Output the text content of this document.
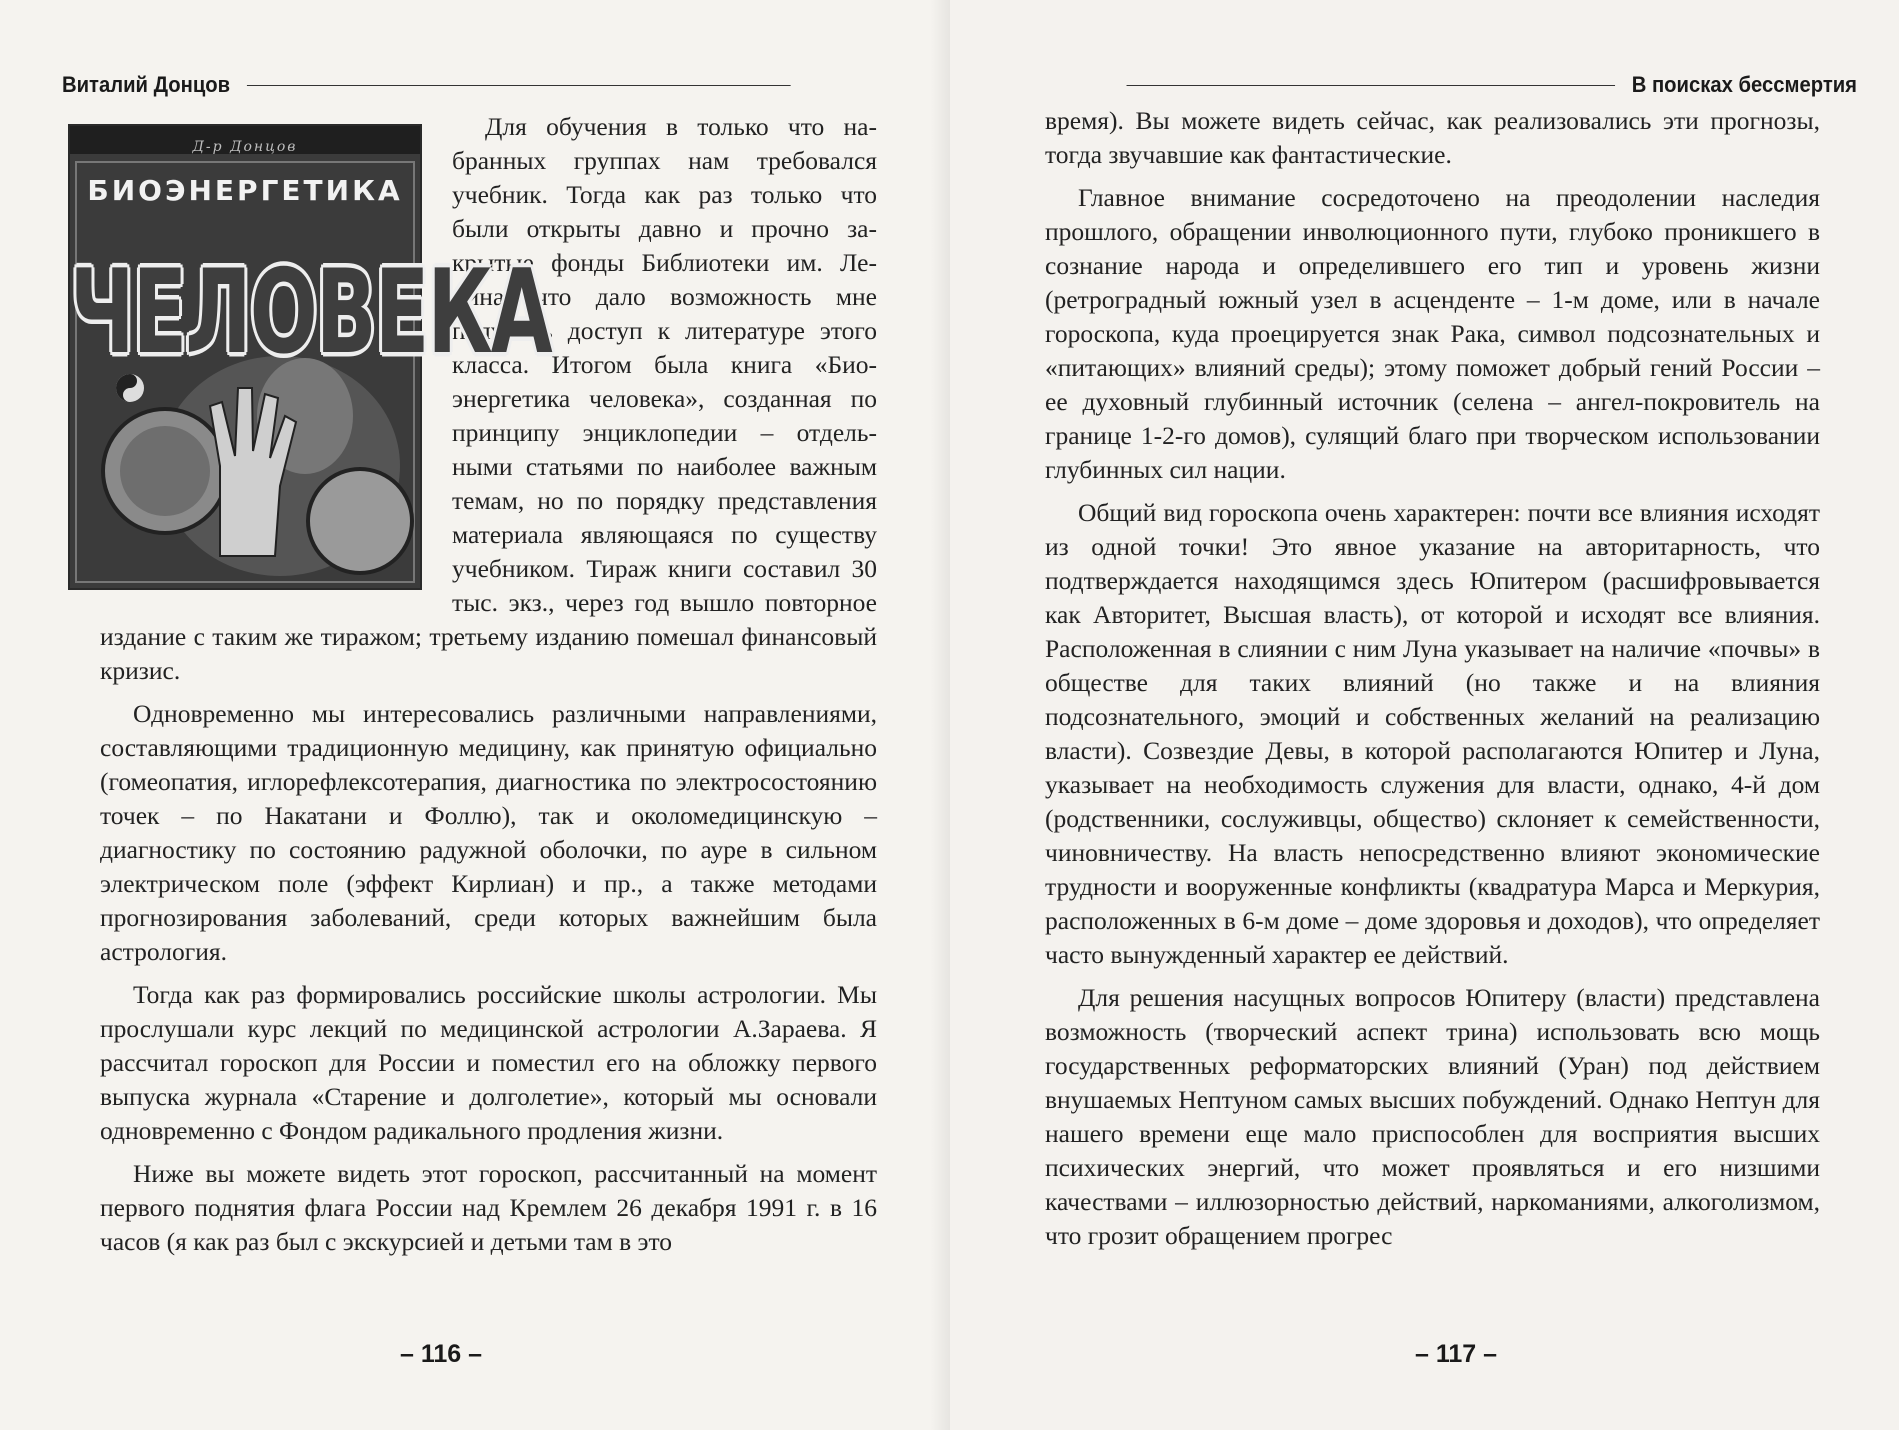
Виталий Донцов
Д-р Донцов
БИОЭНЕРГЕТИКА
ЧЕЛОВЕКА

Для обучения в только что набранных группах нам требовался учебник. Тогда как раз только что были открыты давно и прочно закрытые фонды Библиотеки им. Ленина, что дало возможность мне получить доступ к литературе этого класса. Итогом была книга «Биоэнергетика человека», созданная по принципу энциклопедии – отдельными статьями по наиболее важным темам, но по порядку представления материала являющаяся по существу учебником. Тираж книги составил 30 тыс. экз., через год вышло повторное издание с таким же тиражом; третьему изданию помешал финансовый кризис.

Одновременно мы интересовались различными направлениями, составляющими традиционную медицину, как принятую официально (гомеопатия, иглорефлексотерапия, диагностика по электросостоянию точек – по Накатани и Фоллю), так и околомедицинскую – диагностику по состоянию радужной оболочки, по ауре в сильном электрическом поле (эффект Кирлиан) и пр., а также методами прогнозирования заболеваний, среди которых важнейшим была астрология.

Тогда как раз формировались российские школы астрологии. Мы прослушали курс лекций по медицинской астрологии А.Зараева. Я рассчитал гороскоп для России и поместил его на обложку первого выпуска журнала «Старение и долголетие», который мы основали одновременно с Фондом радикального продления жизни.

Ниже вы можете видеть этот гороскоп, рассчитанный на момент первого поднятия флага России над Кремлем 26 декабря 1991 г. в 16 часов (я как раз был с экскурсией и детьми там в это

– 116 –
В поисках бессмертия

время). Вы можете видеть сейчас, как реализовались эти прогнозы, тогда звучавшие как фантастические.

Главное внимание сосредоточено на преодолении наследия прошлого, обращении инволюционного пути, глубоко проникшего в сознание народа и определившего его тип и уровень жизни (ретроградный южный узел в асценденте – 1-м доме, или в начале гороскопа, куда проецируется знак Рака, символ подсознательных и «питающих» влияний среды); этому поможет добрый гений России – ее духовный глубинный источник (селена – ангел-покровитель на границе 1-2-го домов), сулящий благо при творческом использовании глубинных сил нации.

Общий вид гороскопа очень характерен: почти все влияния исходят из одной точки! Это явное указание на авторитарность, что подтверждается находящимся здесь Юпитером (расшифровывается как Авторитет, Высшая власть), от которой и исходят все влияния. Расположенная в слиянии с ним Луна указывает на наличие «почвы» в обществе для таких влияний (но также и на влияния подсознательного, эмоций и собственных желаний на реализацию власти). Созвездие Девы, в которой располагаются Юпитер и Луна, указывает на необходимость служения для власти, однако, 4-й дом (родственники, сослуживцы, общество) склоняет к семейственности, чиновничеству. На власть непосредственно влияют экономические трудности и вооруженные конфликты (квадратура Марса и Меркурия, расположенных в 6-м доме – доме здоровья и доходов), что определяет часто вынужденный характер ее действий.

Для решения насущных вопросов Юпитеру (власти) представлена возможность (творческий аспект трина) использовать всю мощь государственных реформаторских влияний (Уран) под действием внушаемых Нептуном самых высших побуждений. Однако Нептун для нашего времени еще мало приспособлен для восприятия высших психических энергий, что может проявляться и его низшими качествами – иллюзорностью действий, наркоманиями, алкоголизмом, что грозит обращением прогрес

– 117 –
